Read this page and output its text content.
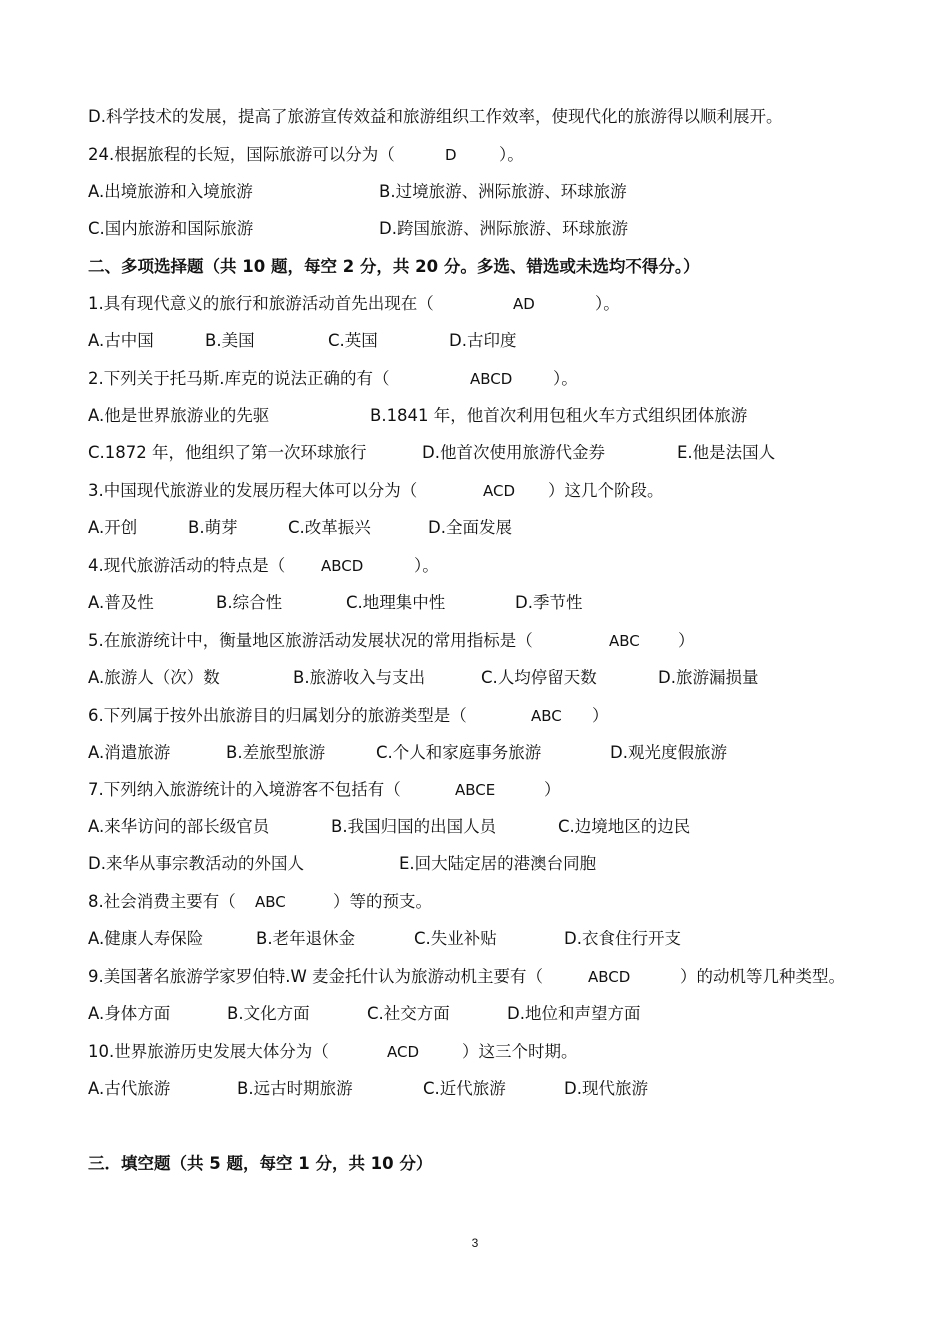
D.科学技术的发展，提高了旅游宣传效益和旅游组织工作效率，使现代化的旅游得以顺利展开。
24.根据旅程的长短，国际旅游可以分为（	D	）。
A.出境旅游和入境旅游	B.过境旅游、洲际旅游、环球旅游
C.国内旅游和国际旅游	D.跨国旅游、洲际旅游、环球旅游
二、多项选择题（共 10 题，每空 2 分，共 20 分。多选、错选或未选均不得分。）
1.具有现代意义的旅行和旅游活动首先出现在（	AD	）。
A.古中国	B.美国	C.英国	D.古印度
2.下列关于托马斯.库克的说法正确的有（	ABCD ）。
A.他是世界旅游业的先驱	B.1841 年，他首次利用包租火车方式组织团体旅游
C.1872 年，他组织了第一次环球旅行	D.他首次使用旅游代金券	E.他是法国人
3.中国现代旅游业的发展历程大体可以分为（	ACD ）这几个阶段。
A.开创	B.萌芽	C.改革振兴	D.全面发展
4.现代旅游活动的特点是（ ABCD	）。
A.普及性	B.综合性	C.地理集中性	D.季节性
5.在旅游统计中，衡量地区旅游活动发展状况的常用指标是（	ABC ）
A.旅游人（次）数	B.旅游收入与支出	C.人均停留天数	D.旅游漏损量
6.下列属于按外出旅游目的归属划分的旅游类型是（	ABC ）
A.消遣旅游	B.差旅型旅游	C.个人和家庭事务旅游	D.观光度假旅游
7.下列纳入旅游统计的入境游客不包括有（	ABCE	）
A.来华访问的部长级官员	B.我国归国的出国人员	C.边境地区的边民
D.来华从事宗教活动的外国人	E.回大陆定居的港澳台同胞
8.社会消费主要有（ ABC	）等的预支。
A.健康人寿保险	B.老年退休金	C.失业补贴	D.衣食住行开支
9.美国著名旅游学家罗伯特.W 麦金托什认为旅游动机主要有（	ABCD	）的动机等几种类型。
A.身体方面	B.文化方面	C.社交方面	D.地位和声望方面
10.世界旅游历史发展大体分为（	ACD	）这三个时期。
A.古代旅游	B.远古时期旅游	C.近代旅游	D.现代旅游
三．填空题（共 5 题，每空 1 分，共 10 分）
3
